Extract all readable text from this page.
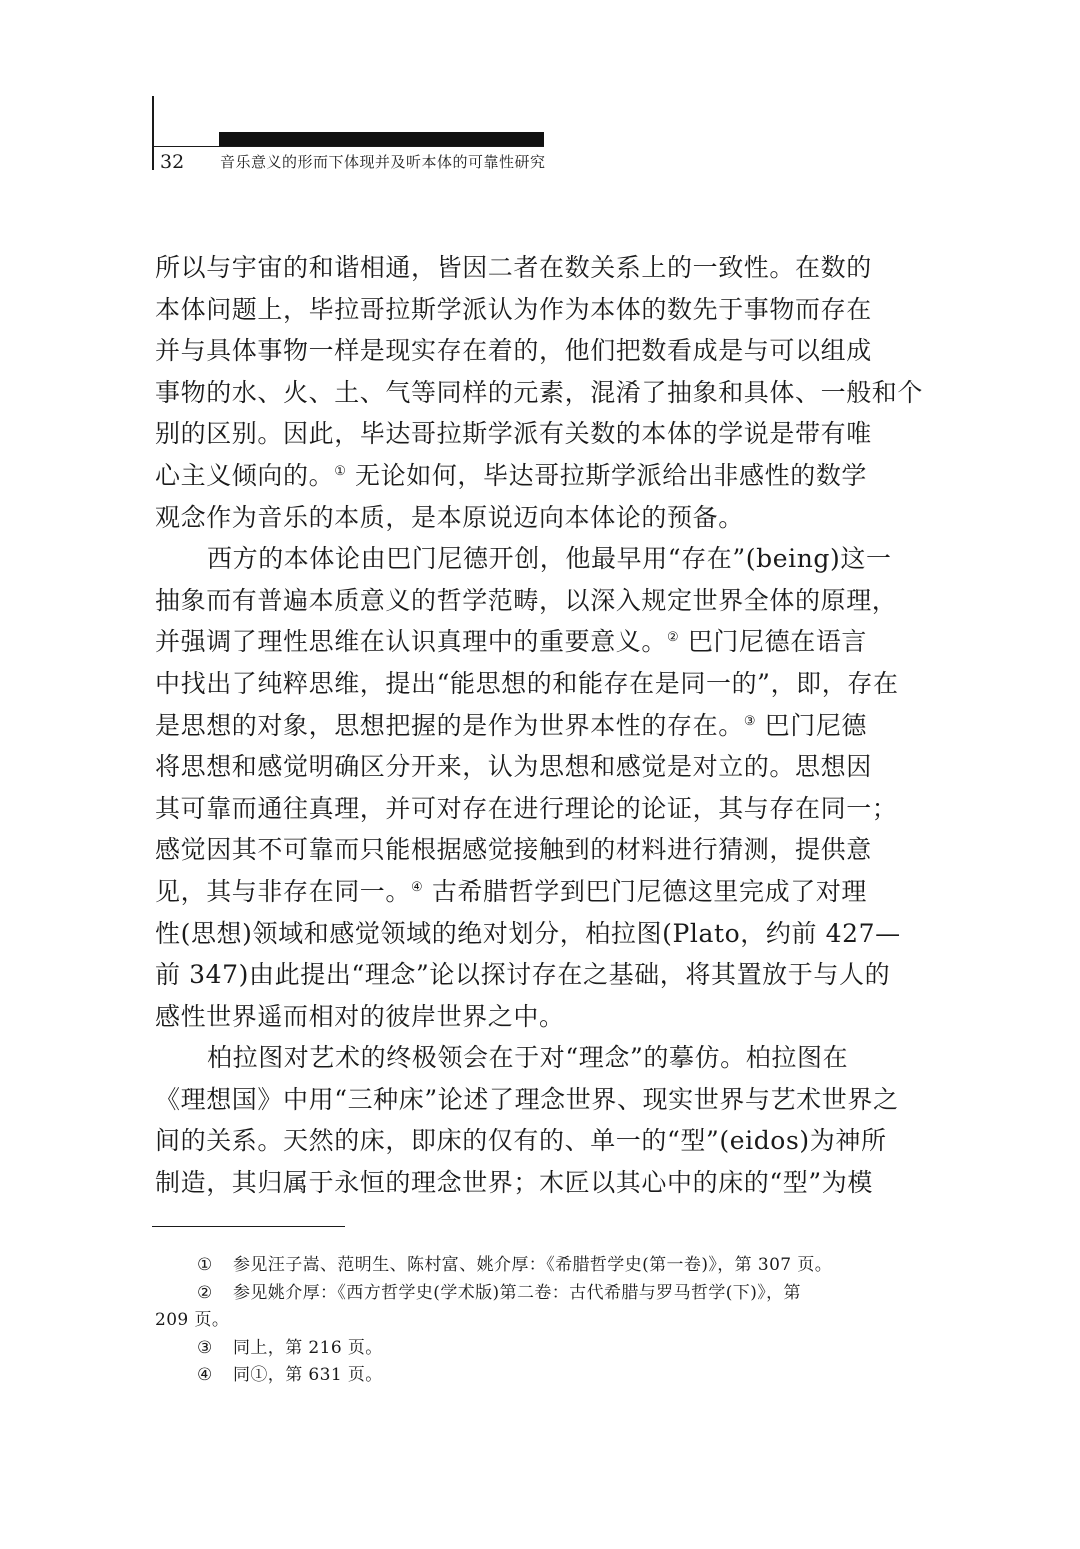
32 音乐意义的形而下体现并及听本体的可靠性研究

所以与宇宙的和谐相通，皆因二者在数关系上的一致性。在数的
本体问题上，毕拉哥拉斯学派认为作为本体的数先于事物而存在
并与具体事物一样是现实存在着的，他们把数看成是与可以组成
事物的水、火、土、气等同样的元素，混淆了抽象和具体、一般和个
别的区别。因此，毕达哥拉斯学派有关数的本体的学说是带有唯
心主义倾向的。① 无论如何，毕达哥拉斯学派给出非感性的数学
观念作为音乐的本质，是本原说迈向本体论的预备。

西方的本体论由巴门尼德开创，他最早用“存在”(being)这一
抽象而有普遍本质意义的哲学范畴，以深入规定世界全体的原理，
并强调了理性思维在认识真理中的重要意义。② 巴门尼德在语言
中找出了纯粹思维，提出“能思想的和能存在是同一的”，即，存在
是思想的对象，思想把握的是作为世界本性的存在。③ 巴门尼德
将思想和感觉明确区分开来，认为思想和感觉是对立的。思想因
其可靠而通往真理，并可对存在进行理论的论证，其与存在同一；
感觉因其不可靠而只能根据感觉接触到的材料进行猜测，提供意
见，其与非存在同一。④ 古希腊哲学到巴门尼德这里完成了对理
性(思想)领域和感觉领域的绝对划分，柏拉图(Plato，约前 427—
前 347)由此提出“理念”论以探讨存在之基础，将其置放于与人的
感性世界遥而相对的彼岸世界之中。

柏拉图对艺术的终极领会在于对“理念”的摹仿。柏拉图在
《理想国》中用“三种床”论述了理念世界、现实世界与艺术世界之
间的关系。天然的床，即床的仅有的、单一的“型”(eidos)为神所
制造，其归属于永恒的理念世界；木匠以其心中的床的“型”为模

① 参见汪子嵩、范明生、陈村富、姚介厚：《希腊哲学史(第一卷)》，第 307 页。

② 参见姚介厚：《西方哲学史(学术版)第二卷：古代希腊与罗马哲学(下)》，第

209 页。

③ 同上，第 216 页。

④ 同①，第 631 页。
